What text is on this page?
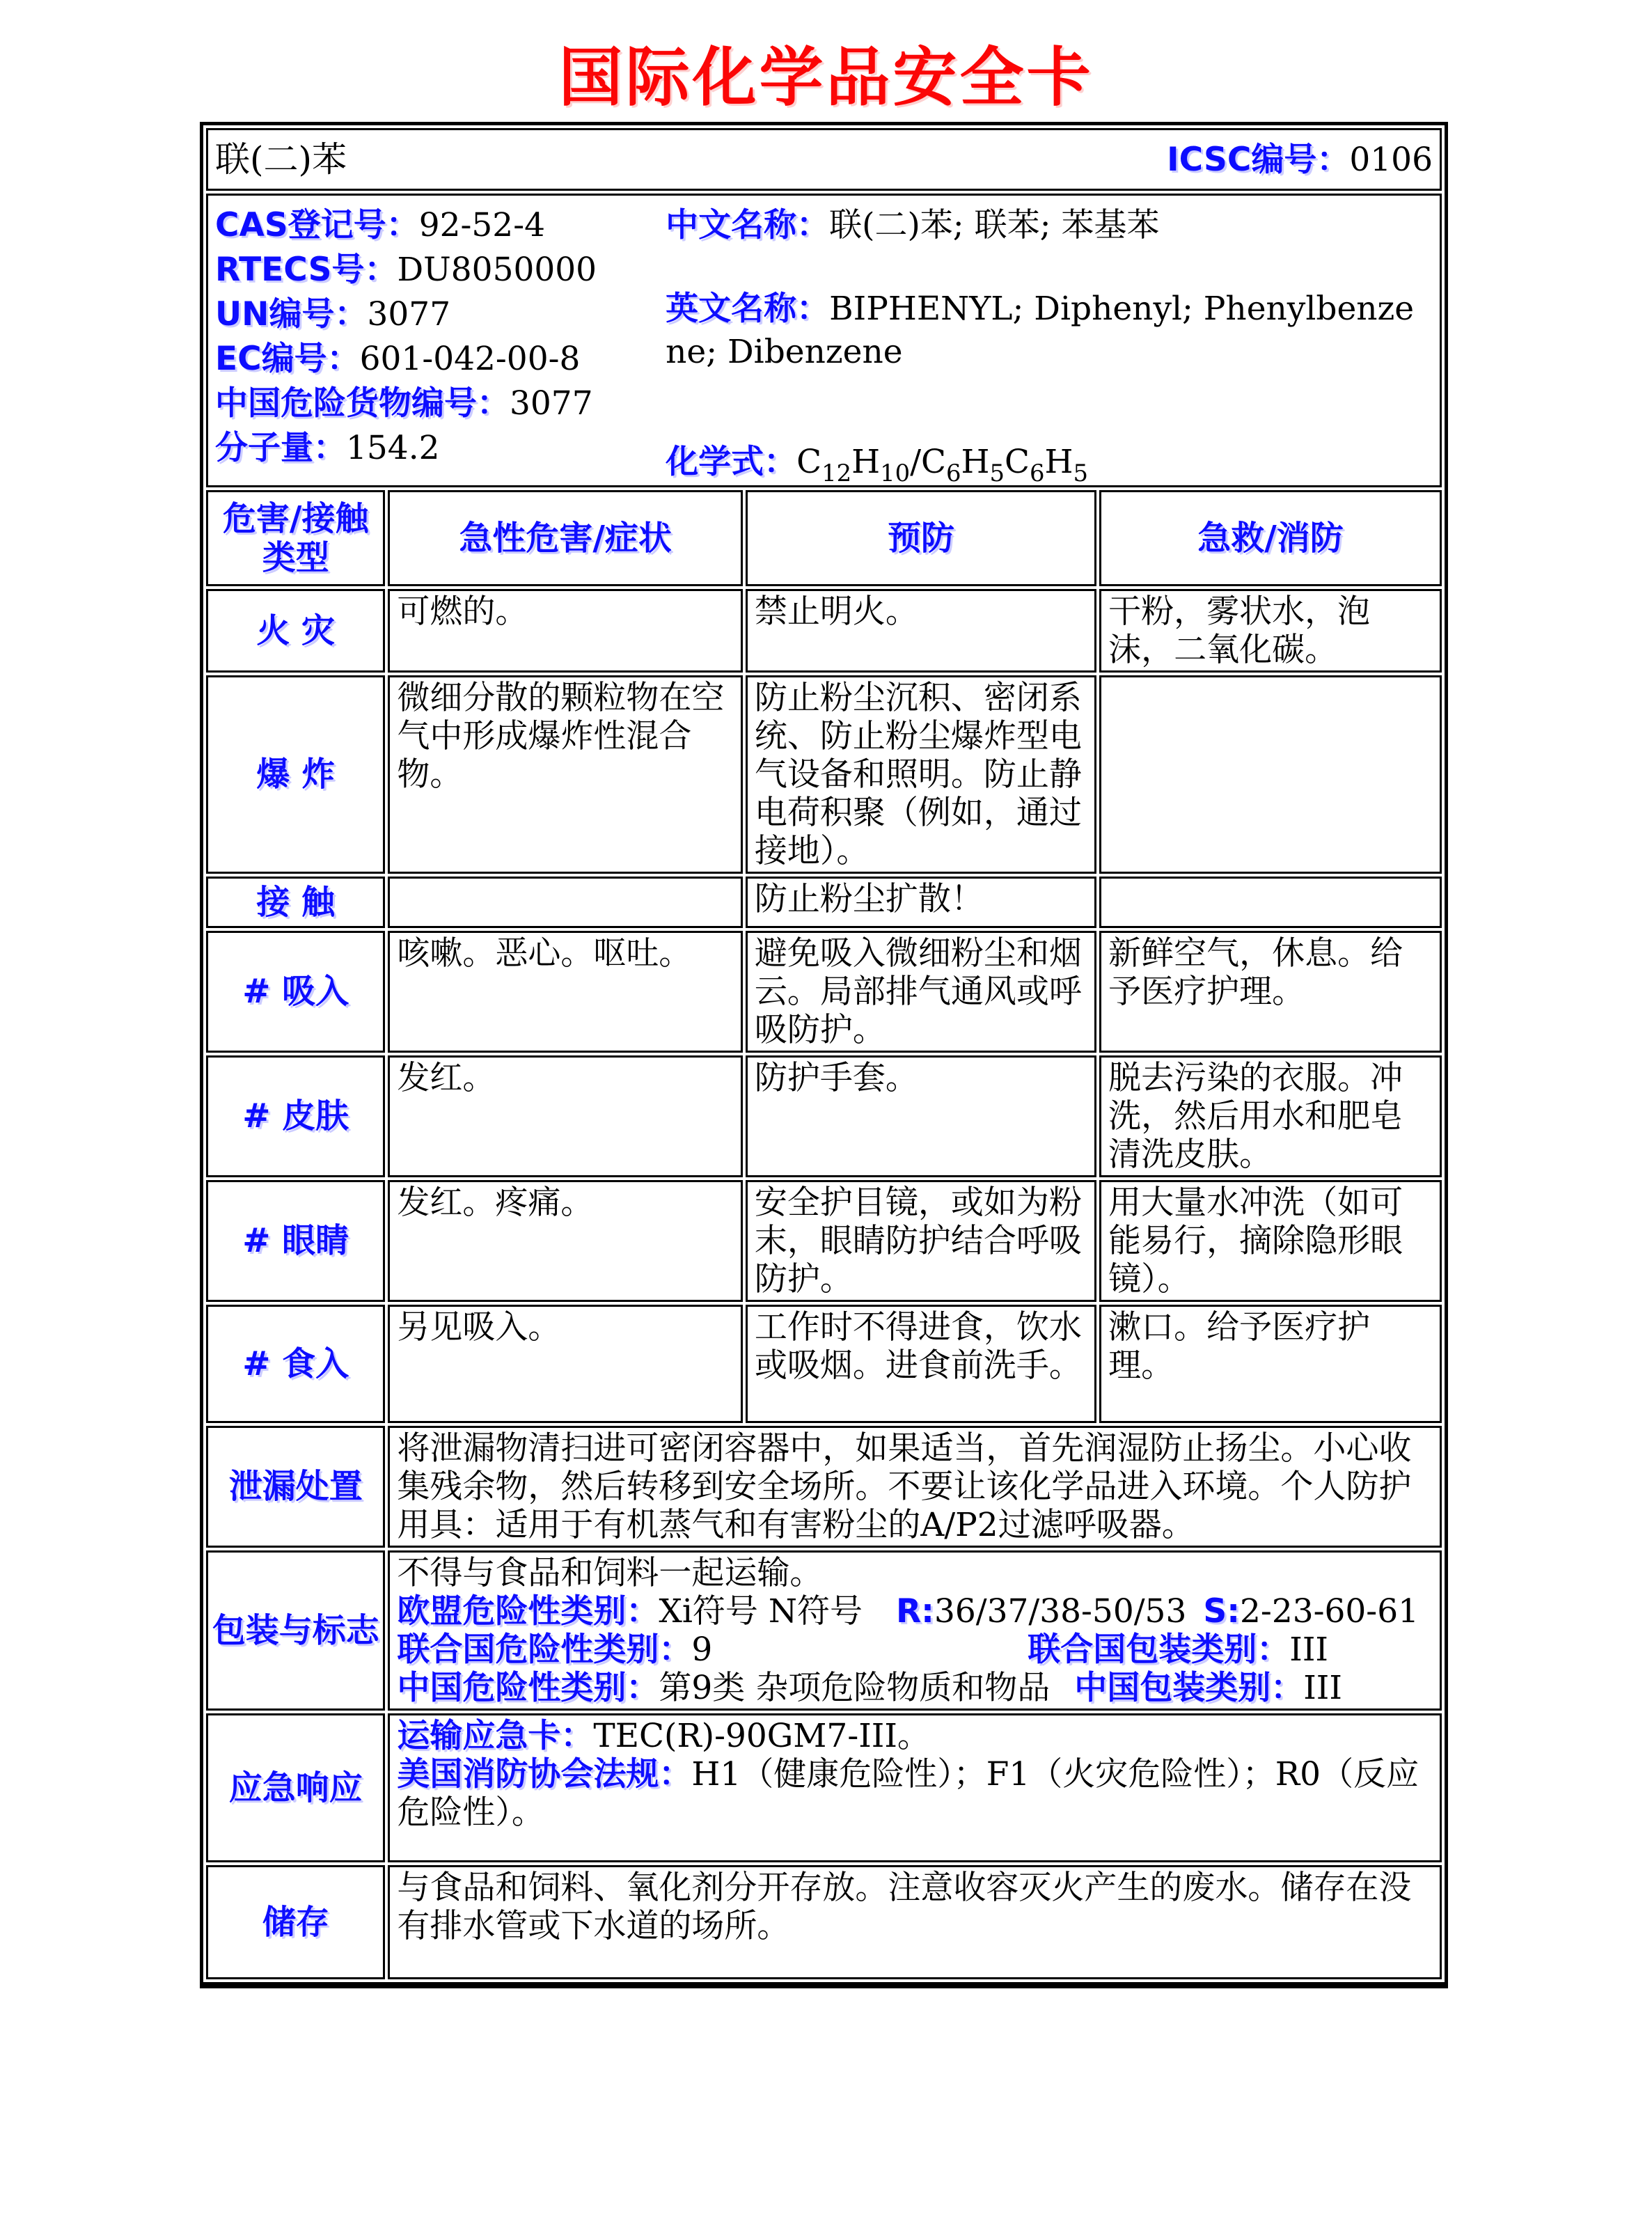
国际化学品安全卡
联(二)苯 ICSC编号：0106			

CAS登记号：92-52-4
RTECS号：DU8050000
UN编号：3077
EC编号：601-042-00-8
中国危险货物编号：3077
分子量：154.2
中文名称：联(二)苯; 联苯; 苯基苯
英文名称：BIPHENYL; Diphenyl; Phenylbenzene; Dibenzene
化学式：$C_{12}H_{10}/C_6H_5C_6H_5$

危害/接触
类型	急性危害/症状	预防	急救/消防
火 灾	可燃的。	禁止明火。	干粉，雾状水，泡沫，二氧化碳。
爆 炸	微细分散的颗粒物在空气中形成爆炸性混合物。	防止粉尘沉积、密闭系统、防止粉尘爆炸型电气设备和照明。防止静电荷积聚（例如，通过接地）。	
接 触		防止粉尘扩散！	
# 吸入	咳嗽。恶心。呕吐。	避免吸入微细粉尘和烟云。局部排气通风或呼吸防护。	新鲜空气，休息。给予医疗护理。
# 皮肤	发红。	防护手套。	脱去污染的衣服。冲洗，然后用水和肥皂清洗皮肤。
# 眼睛	发红。疼痛。	安全护目镜，或如为粉末，眼睛防护结合呼吸防护。	用大量水冲洗（如可能易行，摘除隐形眼镜）。
# 食入	另见吸入。	工作时不得进食，饮水或吸烟。进食前洗手。	漱口。给予医疗护理。
泄漏处置	将泄漏物清扫进可密闭容器中，如果适当，首先润湿防止扬尘。小心收集残余物，然后转移到安全场所。不要让该化学品进入环境。个人防护用具：适用于有机蒸气和有害粉尘的A/P2过滤呼吸器。		
包装与标志	不得与食品和饲料一起运输。
欧盟危险性类别：Xi符号 N符号 R:36/37/38-50/53 S:2-23-60-61
联合国危险性类别：9 联合国包装类别：III
中国危险性类别：第9类 杂项危险物质和物品 中国包装类别：III		

应急响应	运输应急卡：TEC(R)-90GM7-III。
美国消防协会法规：H1（健康危险性）；F1（火灾危险性）；R0（反应危险性）。		

储存	与食品和饲料、氧化剂分开存放。注意收容灭火产生的废水。储存在没有排水管或下水道的场所。		
